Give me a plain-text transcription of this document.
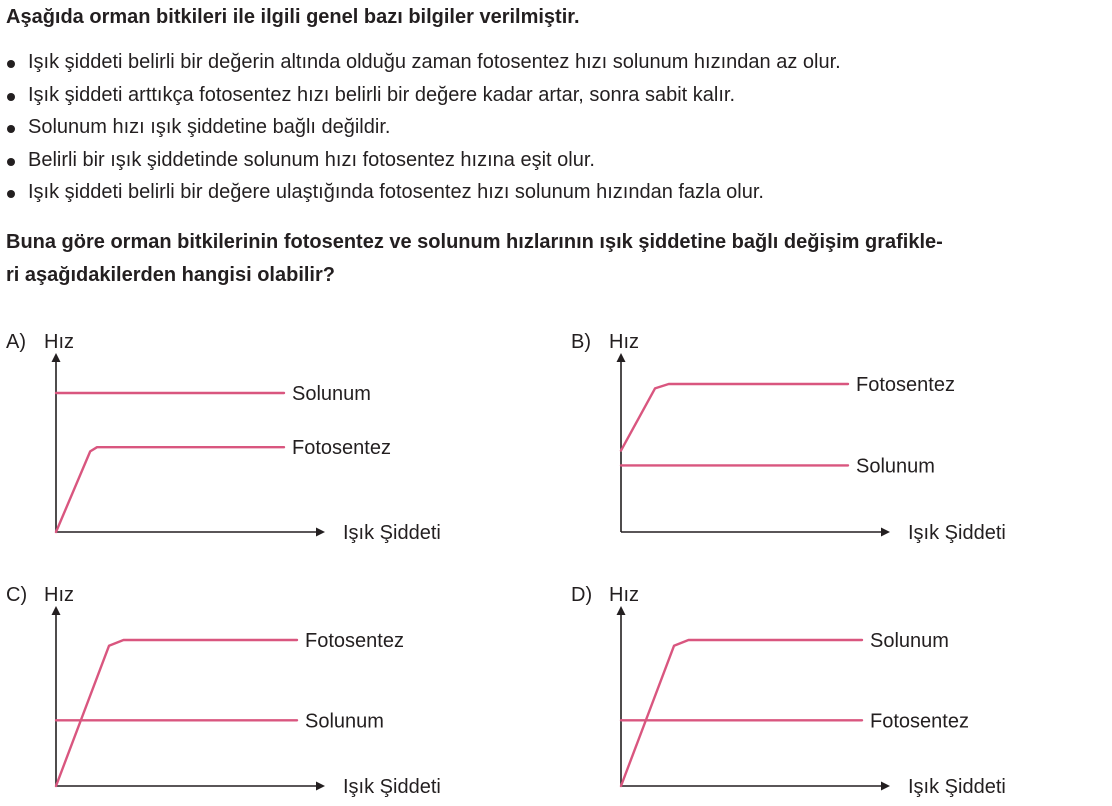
Aşağıda orman bitkileri ile ilgili genel bazı bilgiler verilmiştir.

Işık şiddeti belirli bir değerin altında olduğu zaman fotosentez hızı solunum hızından az olur.
Işık şiddeti arttıkça fotosentez hızı belirli bir değere kadar artar, sonra sabit kalır.
Solunum hızı ışık şiddetine bağlı değildir.
Belirli bir ışık şiddetinde solunum hızı fotosentez hızına eşit olur.
Işık şiddeti belirli bir değere ulaştığında fotosentez hızı solunum hızından fazla olur.

Buna göre orman bitkilerinin fotosentez ve solunum hızlarının ışık şiddetine bağlı değişim grafikle-
ri aşağıdakilerden hangisi olabilir?

A) Hız
Işık Şiddeti
Solunum
Fotosentez
B) Hız
Işık Şiddeti
Fotosentez
Solunum
C) Hız
Işık Şiddeti
Fotosentez
Solunum
D) Hız
Işık Şiddeti
Solunum
Fotosentez
